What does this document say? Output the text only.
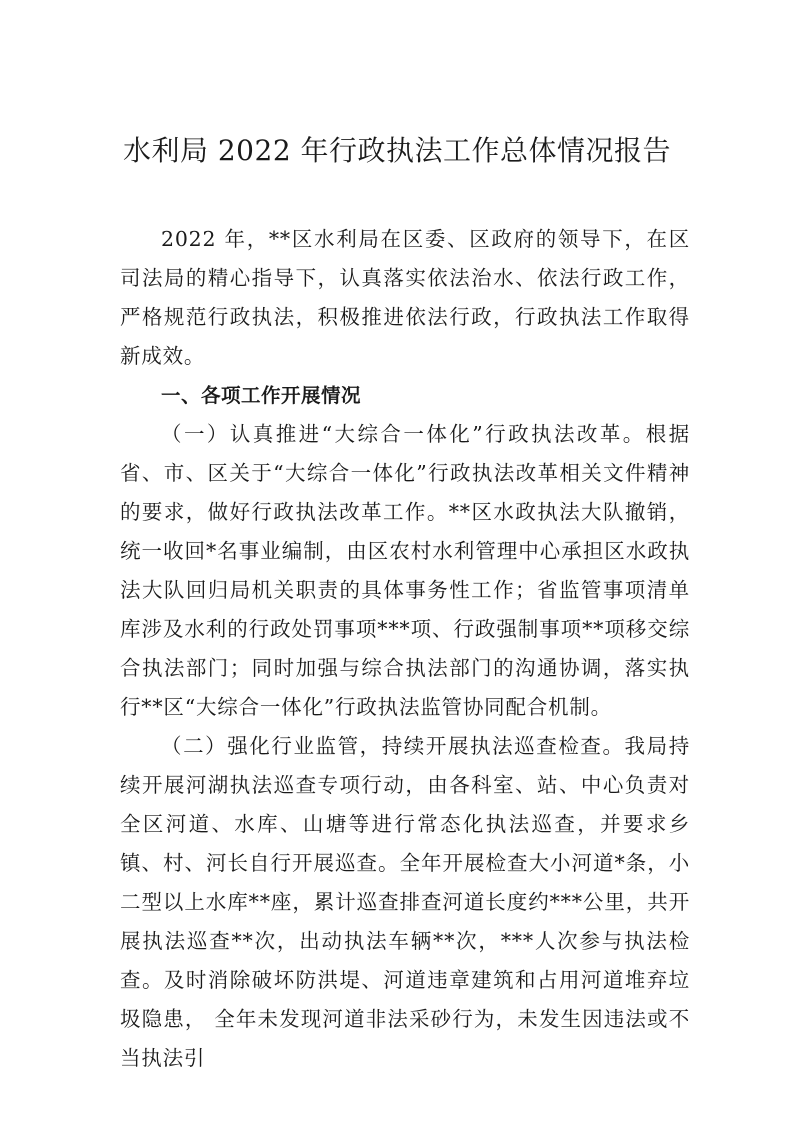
水利局 2022 年行政执法工作总体情况报告

2022 年，**区水利局在区委、区政府的领导下，在区司法局的精心指导下，认真落实依法治水、依法行政工作，严格规范行政执法，积极推进依法行政，行政执法工作取得新成效。

一、各项工作开展情况

（一）认真推进“大综合一体化”行政执法改革。根据省、市、区关于“大综合一体化”行政执法改革相关文件精神的要求，做好行政执法改革工作。**区水政执法大队撤销，统一收回*名事业编制，由区农村水利管理中心承担区水政执法大队回归局机关职责的具体事务性工作；省监管事项清单库涉及水利的行政处罚事项***项、行政强制事项**项移交综合执法部门；同时加强与综合执法部门的沟通协调，落实执行**区“大综合一体化”行政执法监管协同配合机制。

（二）强化行业监管，持续开展执法巡查检查。我局持续开展河湖执法巡查专项行动，由各科室、站、中心负责对全区河道、水库、山塘等进行常态化执法巡查，并要求乡镇、村、河长自行开展巡查。全年开展检查大小河道*条，小二型以上水库**座，累计巡查排查河道长度约***公里，共开展执法巡查**次，出动执法车辆**次，***人次参与执法检查。及时消除破坏防洪堤、河道违章建筑和占用河道堆弃垃圾隐患， 全年未发现河道非法采砂行为，未发生因违法或不当执法引
